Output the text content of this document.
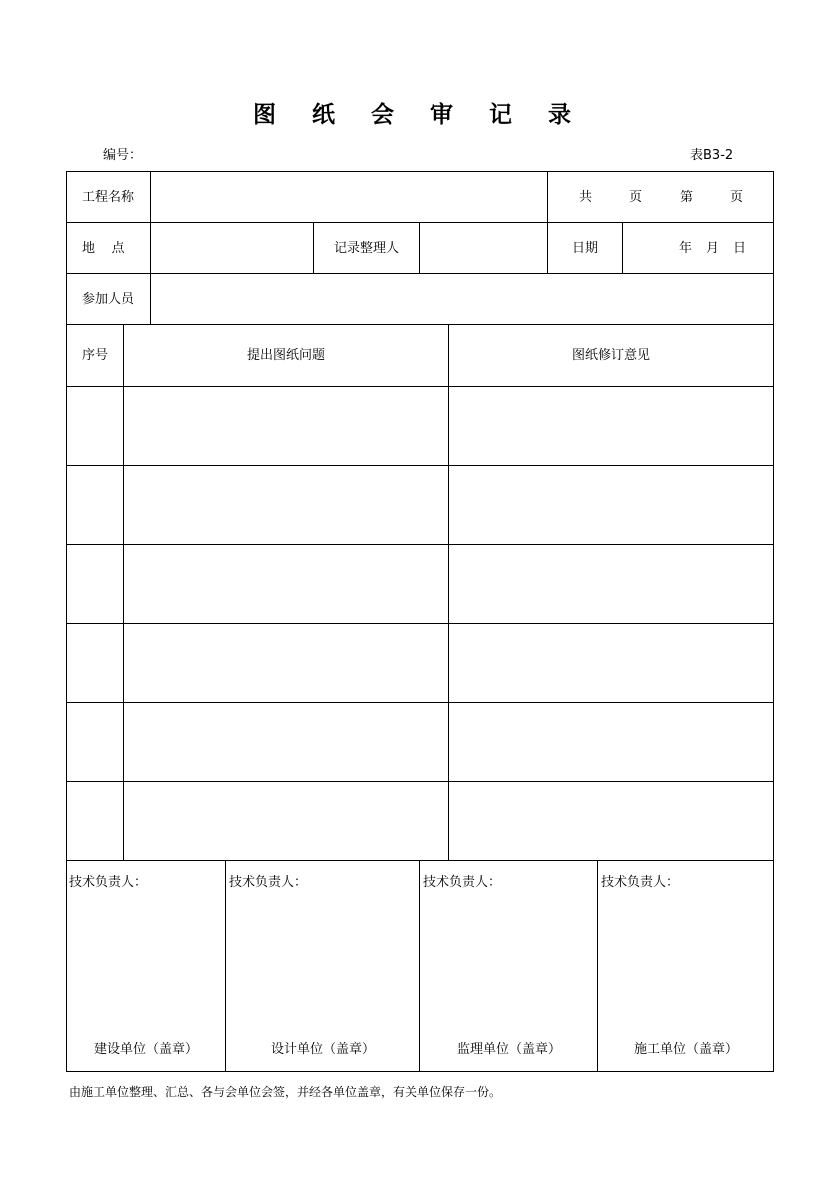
图 纸 会 审 记 录
编号：	表B3-2
工程名称	共	页	第	页
地    点	记录整理人	日期	年 月 日
参加人员
序号	提出图纸问题	图纸修订意见
技术负责人：
建设单位（盖章）
技术负责人：
设计单位（盖章）
技术负责人：
监理单位（盖章）
技术负责人：
施工单位（盖章）
由施工单位整理、汇总、各与会单位会签，并经各单位盖章，有关单位保存一份。
